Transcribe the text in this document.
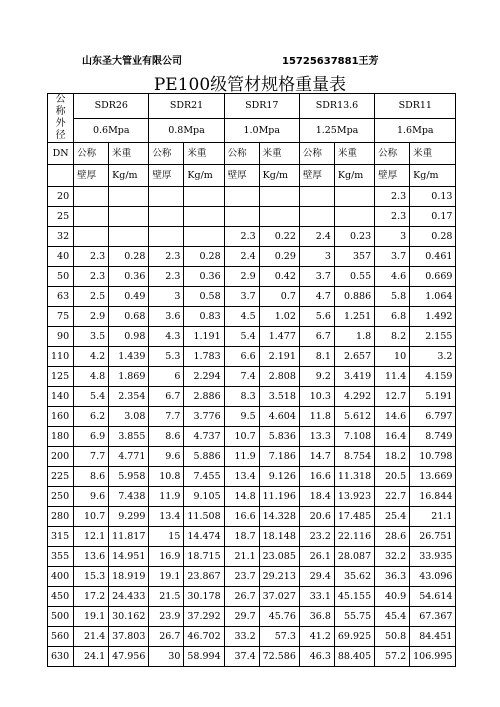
山东圣大管业有限公司	15725637881王芳
PE100级管材规格重量表
公
称
外
径	SDR26		SDR21		SDR17		SDR13.6		SDR11	
	0.6Mpa		0.8Mpa		1.0Mpa		1.25Mpa		1.6Mpa	
DN	公称	米重	公称	米重	公称	米重	公称	米重	公称	米重
	壁厚	Kg/m	壁厚	Kg/m	壁厚	Kg/m	壁厚	Kg/m	壁厚	Kg/m
20									2.3	0.13
25									2.3	0.17
32					2.3	0.22	2.4	0.23	3	0.28
40	2.3	0.28	2.3	0.28	2.4	0.29	3	357	3.7	0.461
50	2.3	0.36	2.3	0.36	2.9	0.42	3.7	0.55	4.6	0.669
63	2.5	0.49	3	0.58	3.7	0.7	4.7	0.886	5.8	1.064
75	2.9	0.68	3.6	0.83	4.5	1.02	5.6	1.251	6.8	1.492
90	3.5	0.98	4.3	1.191	5.4	1.477	6.7	1.8	8.2	2.155
110	4.2	1.439	5.3	1.783	6.6	2.191	8.1	2.657	10	3.2
125	4.8	1.869	6	2.294	7.4	2.808	9.2	3.419	11.4	4.159
140	5.4	2.354	6.7	2.886	8.3	3.518	10.3	4.292	12.7	5.191
160	6.2	3.08	7.7	3.776	9.5	4.604	11.8	5.612	14.6	6.797
180	6.9	3.855	8.6	4.737	10.7	5.836	13.3	7.108	16.4	8.749
200	7.7	4.771	9.6	5.886	11.9	7.186	14.7	8.754	18.2	10.798
225	8.6	5.958	10.8	7.455	13.4	9.126	16.6	11.318	20.5	13.669
250	9.6	7.438	11.9	9.105	14.8	11.196	18.4	13.923	22.7	16.844
280	10.7	9.299	13.4	11.508	16.6	14.328	20.6	17.485	25.4	21.1
315	12.1	11.817	15	14.474	18.7	18.148	23.2	22.116	28.6	26.751
355	13.6	14.951	16.9	18.715	21.1	23.085	26.1	28.087	32.2	33.935
400	15.3	18.919	19.1	23.867	23.7	29.213	29.4	35.62	36.3	43.096
450	17.2	24.433	21.5	30.178	26.7	37.027	33.1	45.155	40.9	54.614
500	19.1	30.162	23.9	37.292	29.7	45.76	36.8	55.75	45.4	67.367
560	21.4	37.803	26.7	46.702	33.2	57.3	41.2	69.925	50.8	84.451
630	24.1	47.956	30	58.994	37.4	72.586	46.3	88.405	57.2	106.995
